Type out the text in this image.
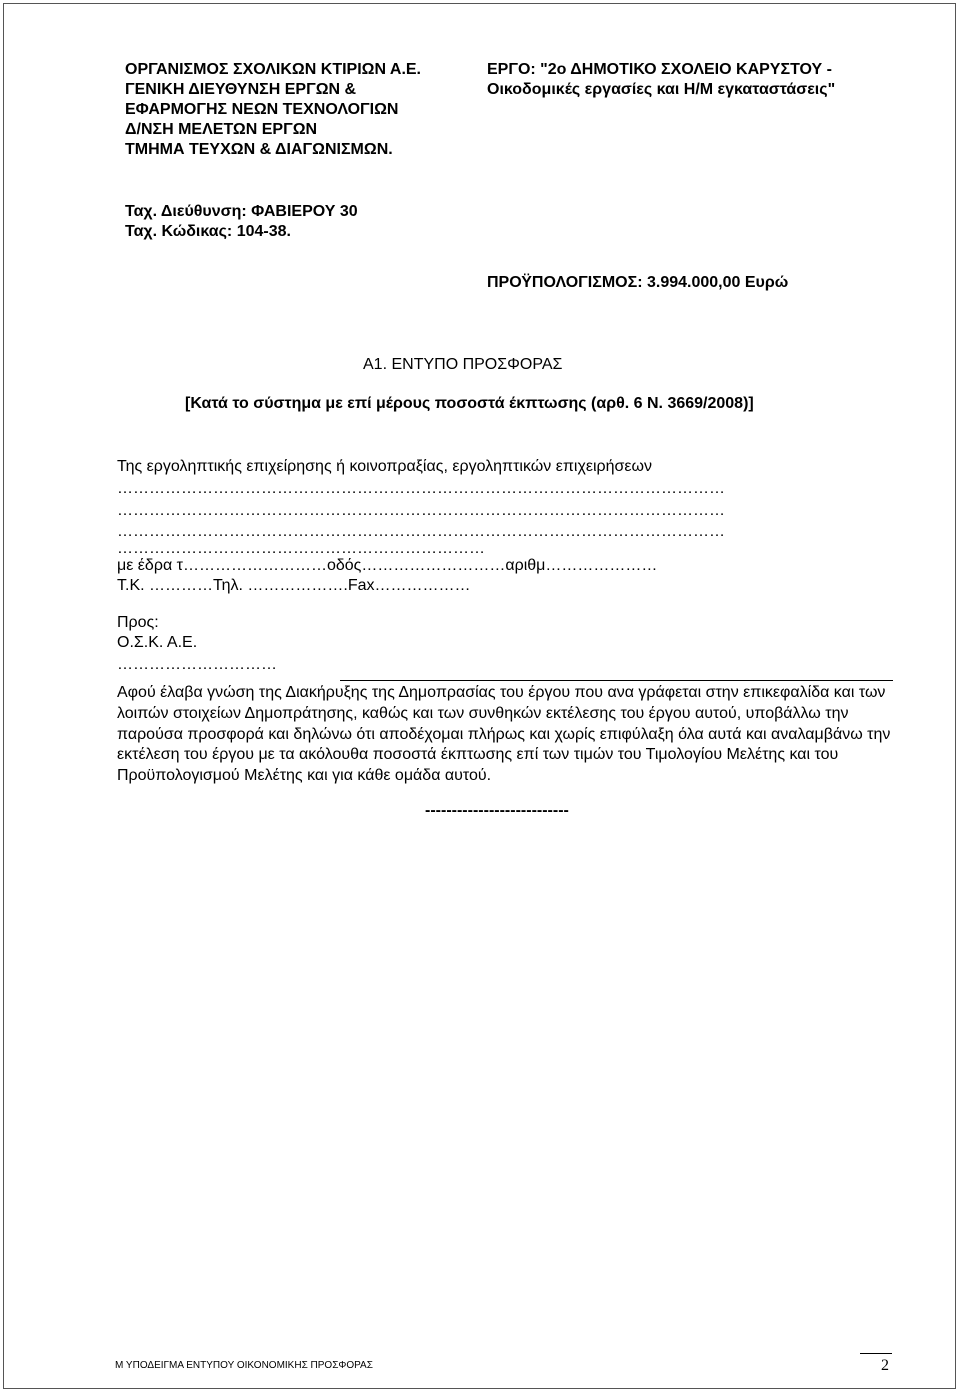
ΟΡΓΑΝΙΣΜΟΣ ΣΧΟΛΙΚΩΝ ΚΤΙΡΙΩΝ Α.Ε.
ΓΕΝΙΚΗ ΔΙΕΥΘΥΝΣΗ ΕΡΓΩΝ &
ΕΦΑΡΜΟΓΗΣ ΝΕΩΝ ΤΕΧΝΟΛΟΓΙΩΝ
Δ/ΝΣΗ ΜΕΛΕΤΩΝ ΕΡΓΩΝ
ΤΜΗΜΑ ΤΕΥΧΩΝ & ΔΙΑΓΩΝΙΣΜΩΝ.
ΕΡΓΟ: "2ο ΔΗΜΟΤΙΚΟ ΣΧΟΛΕΙΟ ΚΑΡΥΣΤΟΥ -
Οικοδομικές εργασίες και Η/Μ εγκαταστάσεις"
Ταχ. Διεύθυνση: ΦΑΒΙΕΡΟΥ 30
Ταχ. Κώδικας: 104-38.
ΠΡΟΫΠΟΛΟΓΙΣΜΟΣ: 3.994.000,00 Ευρώ
Α1. ΕΝΤΥΠΟ ΠΡΟΣΦΟΡΑΣ
[Κατά το σύστημα με επί μέρους ποσοστά έκπτωσης (αρθ. 6 Ν. 3669/2008)]
Της εργοληπτικής επιχείρησης ή κοινοπραξίας, εργοληπτικών επιχειρήσεων
……………………………………………………………………………………………………
……………………………………………………………………………………………………
……………………………………………………………………………………………………
……………………………………………………………
με έδρα τ………………………οδός………………………αριθμ…………………
Τ.Κ. …………Τηλ. ……………….Fax………………
Προς:
Ο.Σ.Κ. Α.Ε.
…………………………
Αφού έλαβα γνώση της Διακήρυξης της Δημοπρασίας του έργου που ανα γράφεται στην επικεφαλίδα και των λοιπών στοιχείων Δημοπράτησης, καθώς και των συνθηκών εκτέλεσης του έργου αυτού, υποβάλλω την παρούσα προσφορά και δηλώνω ότι αποδέχομαι πλήρως και χωρίς επιφύλαξη όλα αυτά και αναλαμβάνω την εκτέλεση του έργου με τα ακόλουθα ποσοστά έκπτωσης επί των τιμών του Τιμολογίου Μελέτης και του Προϋπολογισμού Μελέτης και για κάθε ομάδα αυτού.
---------------------------
Μ ΥΠΟΔΕΙΓΜΑ ΕΝΤΥΠΟΥ ΟΙΚΟΝΟΜΙΚΗΣ ΠΡΟΣΦΟΡΑΣ	2
